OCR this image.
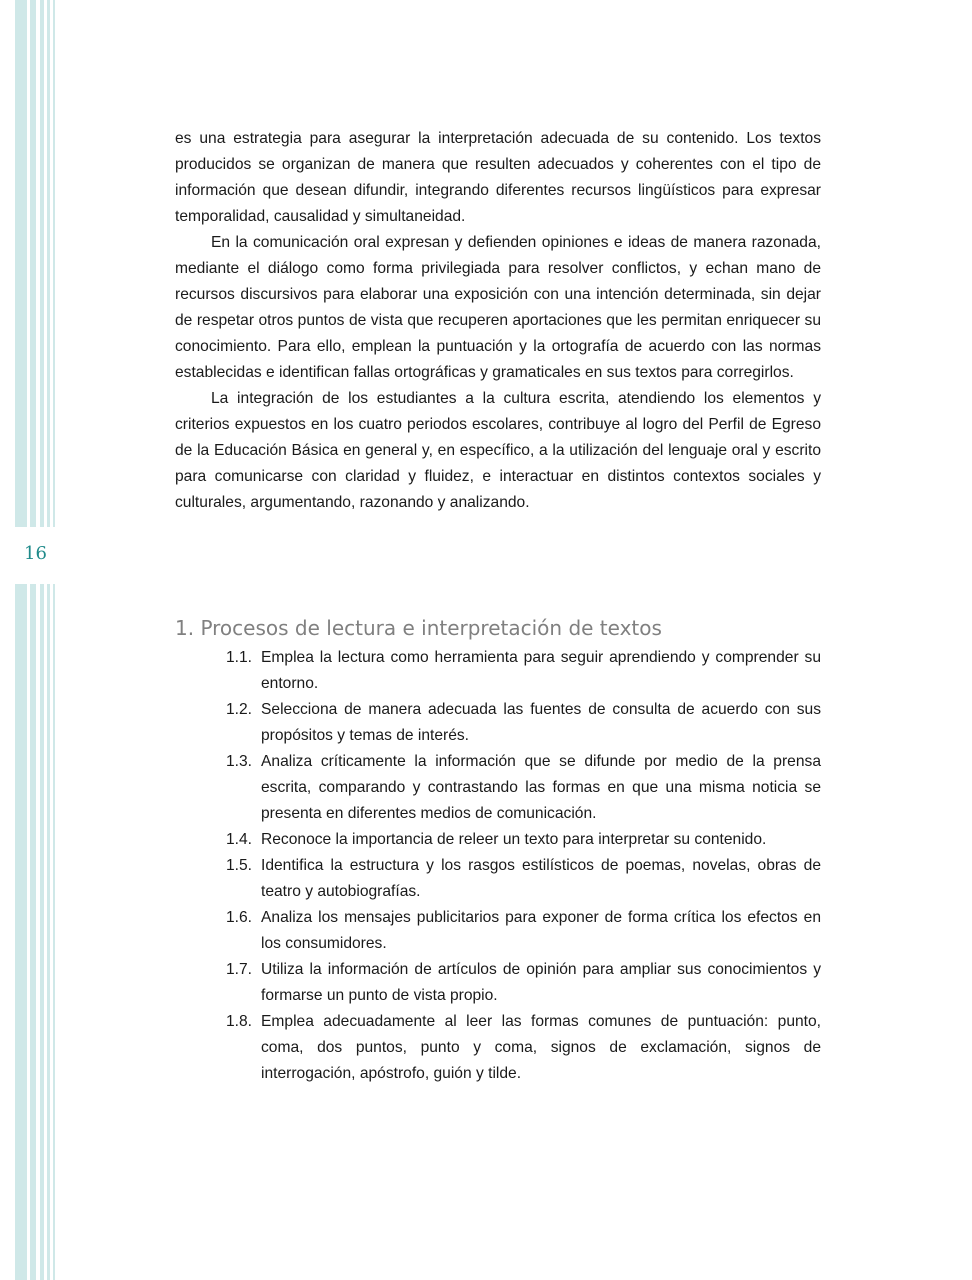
16

es una estrategia para asegurar la interpretación adecuada de su contenido. Los textos producidos se organizan de manera que resulten adecuados y coherentes con el tipo de información que desean difundir, integrando diferentes recursos lingüísticos para expresar temporalidad, causalidad y simultaneidad.

En la comunicación oral expresan y defienden opiniones e ideas de manera razonada, mediante el diálogo como forma privilegiada para resolver conflictos, y echan mano de recursos discursivos para elaborar una exposición con una intención determinada, sin dejar de respetar otros puntos de vista que recuperen aportaciones que les permitan enriquecer su conocimiento. Para ello, emplean la puntuación y la ortografía de acuerdo con las normas establecidas e identifican fallas ortográficas y gramaticales en sus textos para corregirlos.

La integración de los estudiantes a la cultura escrita, atendiendo los elementos y criterios expuestos en los cuatro periodos escolares, contribuye al logro del Perfil de Egreso de la Educación Básica en general y, en específico, a la utilización del lenguaje oral y escrito para comunicarse con claridad y fluidez, e interactuar en distintos contextos sociales y culturales, argumentando, razonando y analizando.

1. Procesos de lectura e interpretación de textos
1.1. Emplea la lectura como herramienta para seguir aprendiendo y comprender su entorno.
1.2. Selecciona de manera adecuada las fuentes de consulta de acuerdo con sus propósitos y temas de interés.
1.3. Analiza críticamente la información que se difunde por medio de la prensa escrita, comparando y contrastando las formas en que una misma noticia se presenta en diferentes medios de comunicación.
1.4. Reconoce la importancia de releer un texto para interpretar su contenido.
1.5. Identifica la estructura y los rasgos estilísticos de poemas, novelas, obras de teatro y autobiografías.
1.6. Analiza los mensajes publicitarios para exponer de forma crítica los efectos en los consumidores.
1.7. Utiliza la información de artículos de opinión para ampliar sus conocimientos y formarse un punto de vista propio.
1.8. Emplea adecuadamente al leer las formas comunes de puntuación: punto, coma, dos puntos, punto y coma, signos de exclamación, signos de interrogación, apóstrofo, guión y tilde.
